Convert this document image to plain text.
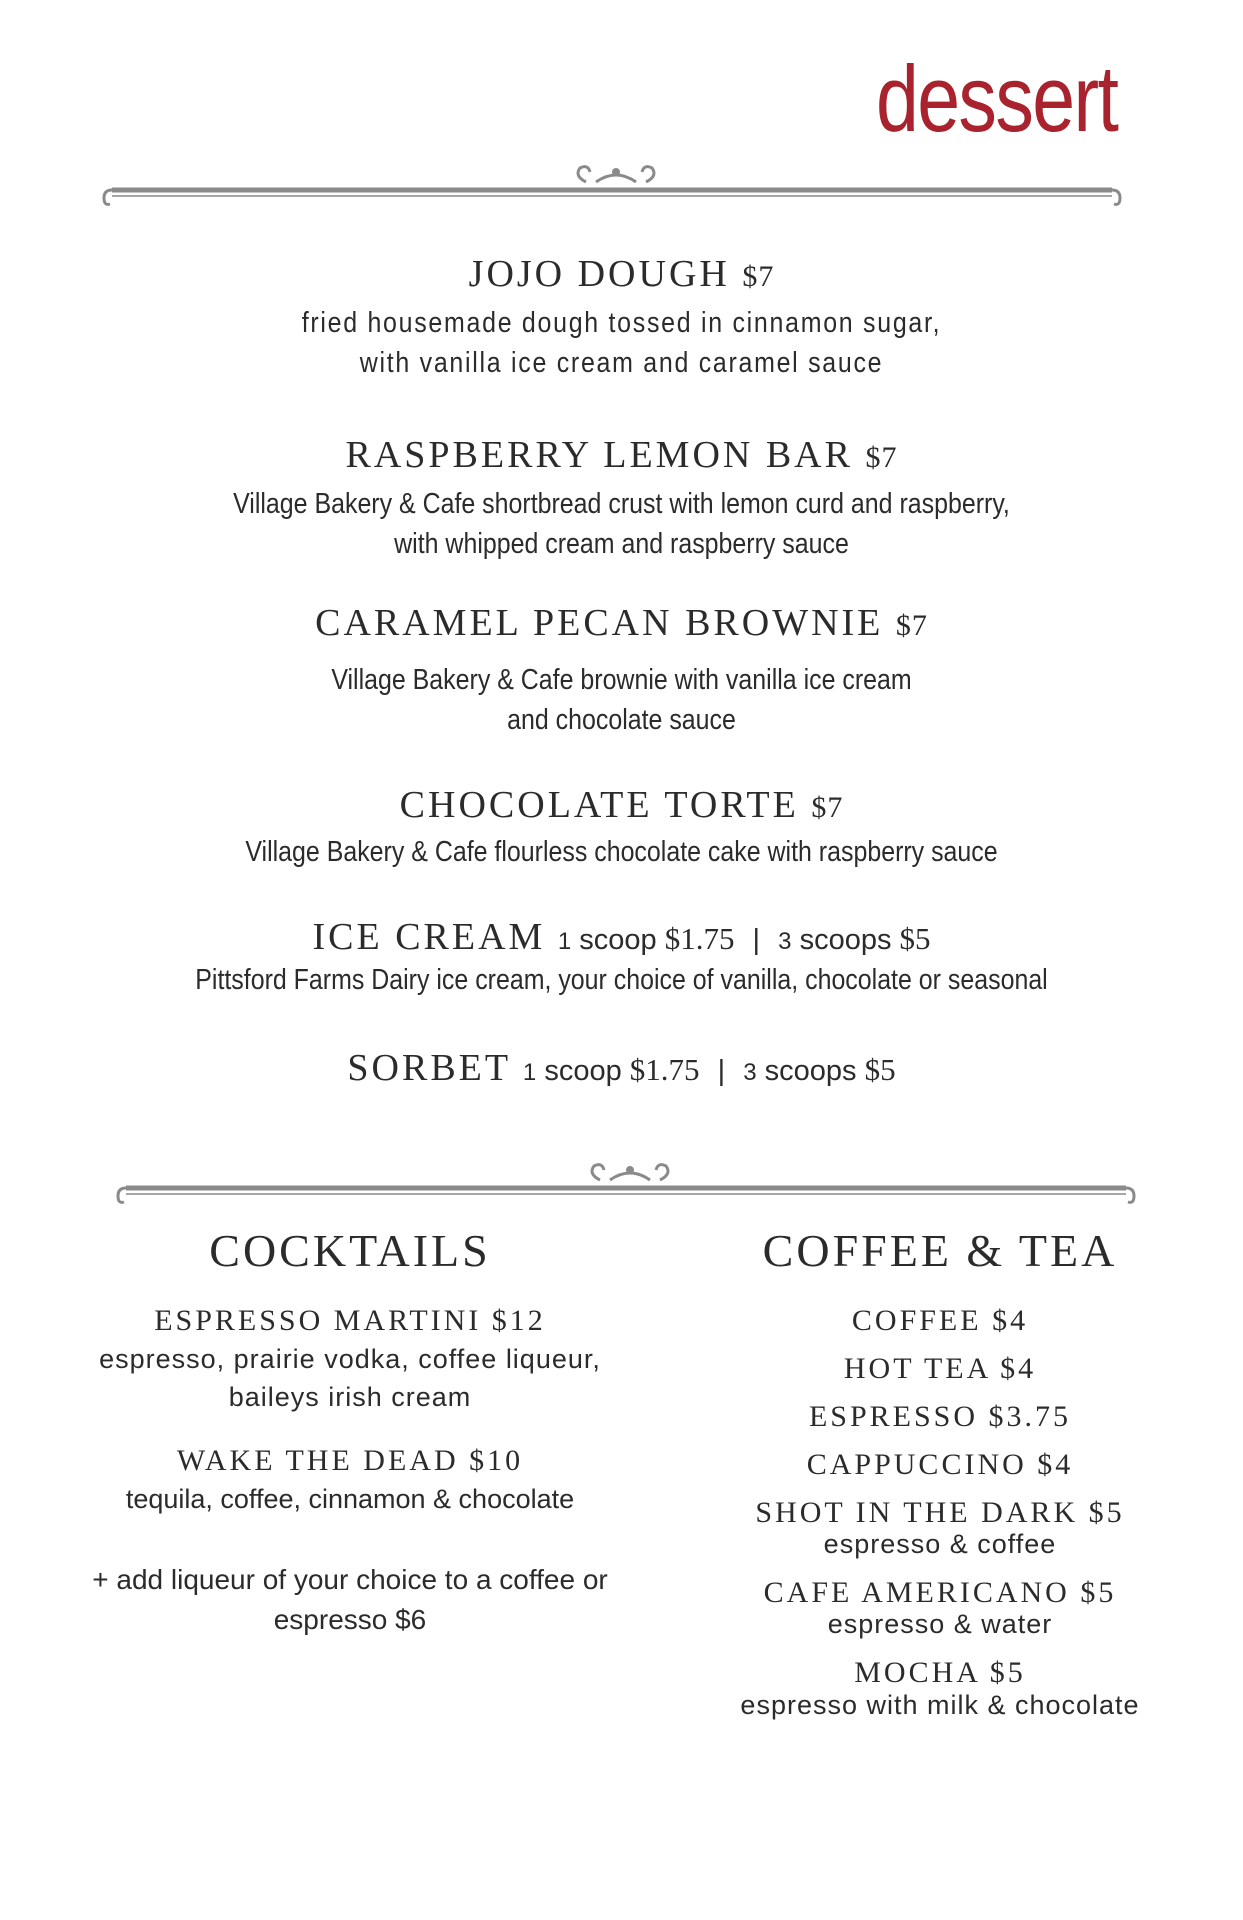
dessert
JOJO DOUGH $7
fried housemade dough tossed in cinnamon sugar,
with vanilla ice cream and caramel sauce
RASPBERRY LEMON BAR $7
Village Bakery & Cafe shortbread crust with lemon curd and raspberry,
with whipped cream and raspberry sauce
CARAMEL PECAN BROWNIE $7
Village Bakery & Cafe brownie with vanilla ice cream
and chocolate sauce
CHOCOLATE TORTE $7
Village Bakery & Cafe flourless chocolate cake with raspberry sauce
ICE CREAM 1 scoop $1.75 | 3 scoops $5
Pittsford Farms Dairy ice cream, your choice of vanilla, chocolate or seasonal
SORBET 1 scoop $1.75 | 3 scoops $5
COCKTAILS
ESPRESSO MARTINI $12
espresso, prairie vodka, coffee liqueur,
baileys irish cream
WAKE THE DEAD $10
tequila, coffee, cinnamon & chocolate
+ add liqueur of your choice to a coffee or
espresso $6
COFFEE & TEA
COFFEE $4
HOT TEA $4
ESPRESSO $3.75
CAPPUCCINO $4
SHOT IN THE DARK $5
espresso & coffee
CAFE AMERICANO $5
espresso & water
MOCHA $5
espresso with milk & chocolate
